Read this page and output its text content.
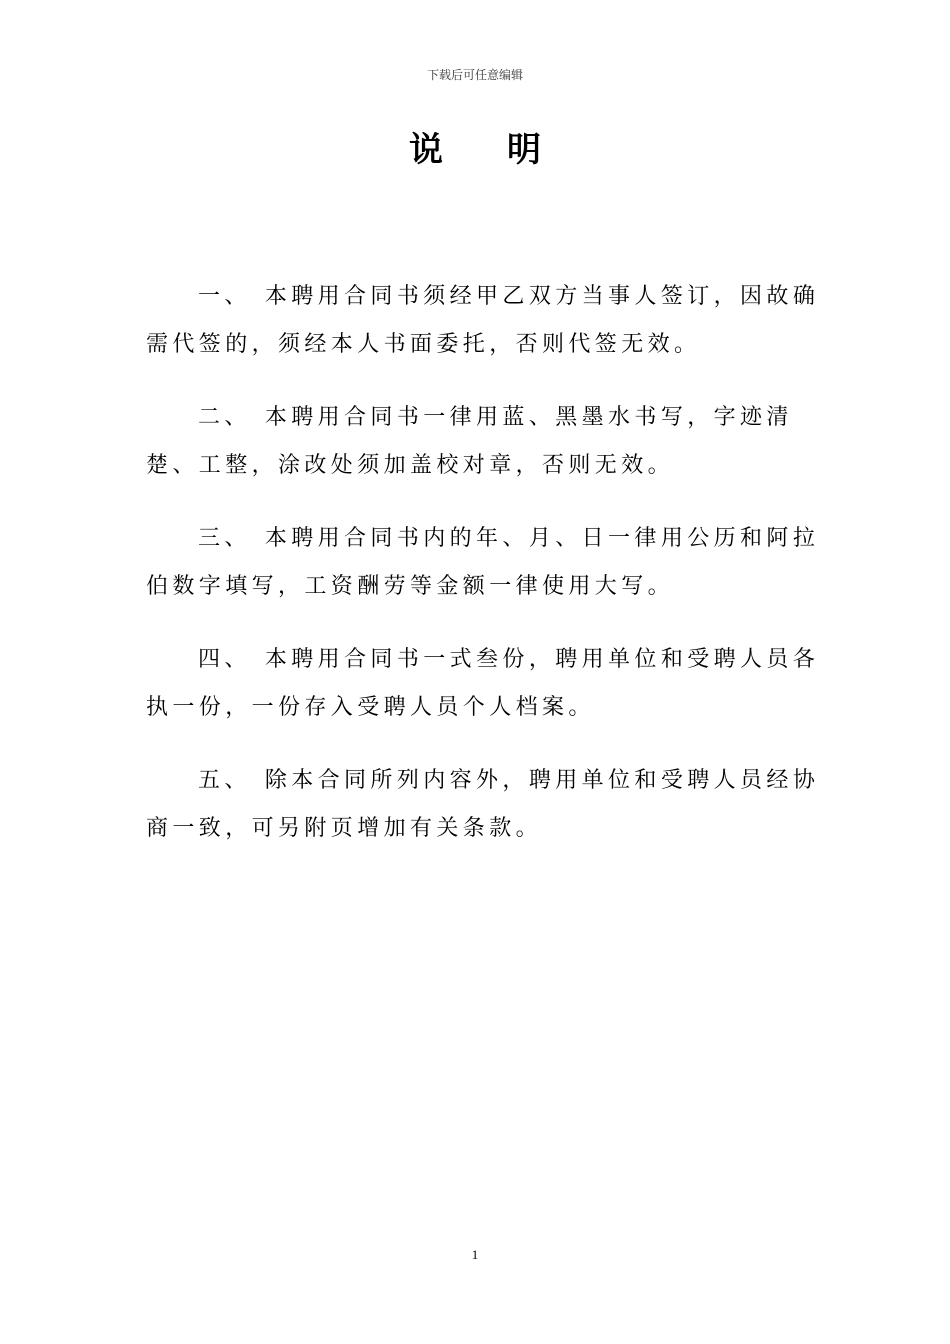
下载后可任意编辑
说 明

一、 本聘用合同书须经甲乙双方当事人签订，因故确需代签的，须经本人书面委托，否则代签无效。

二、 本聘用合同书一律用蓝、黑墨水书写，字迹清楚、工整，涂改处须加盖校对章，否则无效。

三、 本聘用合同书内的年、月、日一律用公历和阿拉伯数字填写，工资酬劳等金额一律使用大写。

四、 本聘用合同书一式叁份，聘用单位和受聘人员各执一份，一份存入受聘人员个人档案。

五、 除本合同所列内容外，聘用单位和受聘人员经协商一致，可另附页增加有关条款。

1
